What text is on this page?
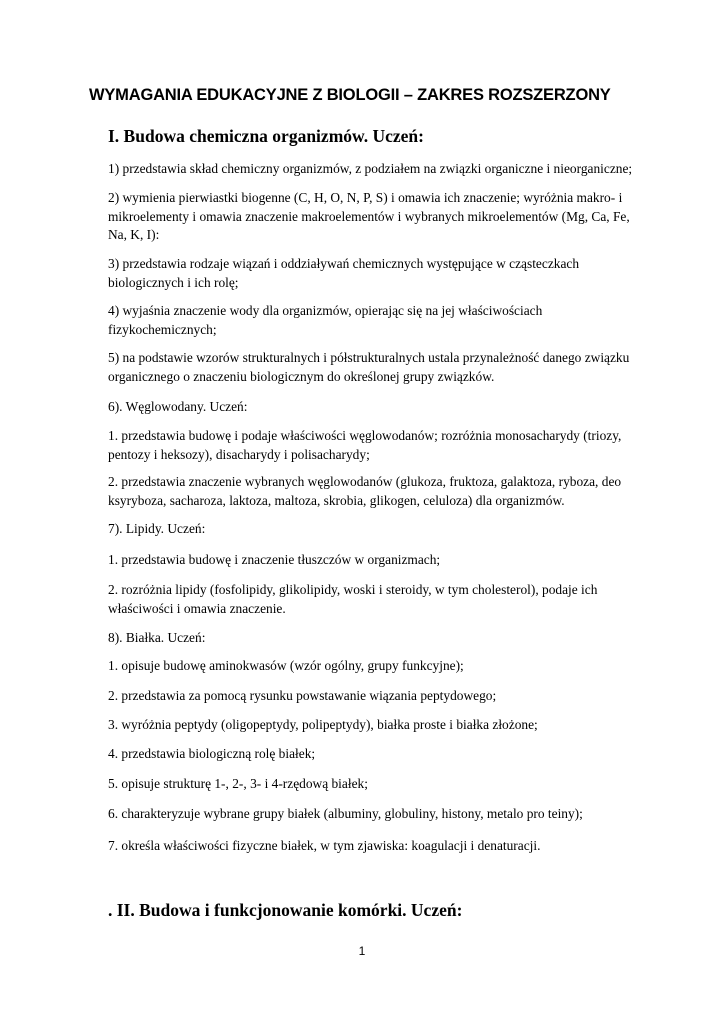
WYMAGANIA EDUKACYJNE Z BIOLOGII – ZAKRES ROZSZERZONY
I. Budowa chemiczna organizmów. Uczeń:
1) przedstawia skład chemiczny organizmów, z podziałem na związki organiczne i nieorganiczne;
2) wymienia pierwiastki biogenne (C, H, O, N, P, S) i omawia ich znaczenie; wyróżnia makro- i mikroelementy i omawia znaczenie makroelementów i wybranych mikroelementów (Mg, Ca, Fe, Na, K, I):
3) przedstawia rodzaje wiązań i oddziaływań chemicznych występujące w cząsteczkach biologicznych i ich rolę;
4) wyjaśnia znaczenie wody dla organizmów, opierając się na jej właściwościach fizykochemicznych;
5) na podstawie wzorów strukturalnych i półstrukturalnych ustala przynależność danego związku organicznego o znaczeniu biologicznym do określonej grupy związków.
6). Węglowodany. Uczeń:
1. przedstawia budowę i podaje właściwości węglowodanów; rozróżnia monosacharydy (triozy, pentozy i heksozy), disacharydy i polisacharydy;
2. przedstawia znaczenie wybranych węglowodanów (glukoza, fruktoza, galaktoza, ryboza, deo ksyryboza, sacharoza, laktoza, maltoza, skrobia, glikogen, celuloza) dla organizmów.
7). Lipidy. Uczeń:
1. przedstawia budowę i znaczenie tłuszczów w organizmach;
2. rozróżnia lipidy (fosfolipidy, glikolipidy, woski i steroidy, w tym cholesterol), podaje ich właściwości i omawia znaczenie.
8). Białka. Uczeń:
1. opisuje budowę aminokwasów (wzór ogólny, grupy funkcyjne);
2. przedstawia za pomocą rysunku powstawanie wiązania peptydowego;
3. wyróżnia peptydy (oligopeptydy, polipeptydy), białka proste i białka złożone;
4. przedstawia biologiczną rolę białek;
5. opisuje strukturę 1-, 2-, 3- i 4-rzędową białek;
6. charakteryzuje wybrane grupy białek (albuminy, globuliny, histony, metalo pro teiny);
7. określa właściwości fizyczne białek, w tym zjawiska: koagulacji i denaturacji.
. II. Budowa i funkcjonowanie komórki. Uczeń:
1
